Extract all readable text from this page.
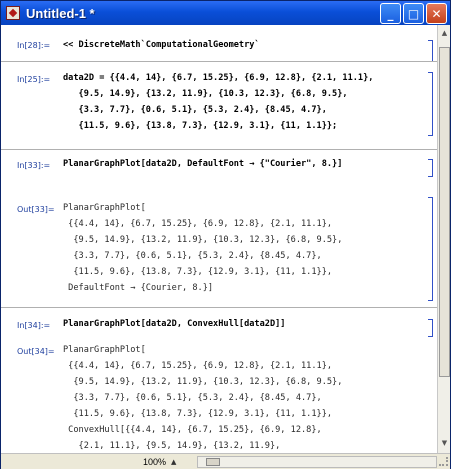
Untitled-1 *	_	□	✕
In[28]:= << DiscreteMath`ComputationalGeometry`
In[25]:= data2D = {{4.4, 14}, {6.7, 15.25}, {6.9, 12.8}, {2.1, 11.1},
{9.5, 14.9}, {13.2, 11.9}, {10.3, 12.3}, {6.8, 9.5},
{3.3, 7.7}, {0.6, 5.1}, {5.3, 2.4}, {8.45, 4.7},
{11.5, 9.6}, {13.8, 7.3}, {12.9, 3.1}, {11, 1.1}};
In[33]:= PlanarGraphPlot[data2D, DefaultFont → {"Courier", 8.}]
Out[33]= PlanarGraphPlot[
{{4.4, 14}, {6.7, 15.25}, {6.9, 12.8}, {2.1, 11.1},
{9.5, 14.9}, {13.2, 11.9}, {10.3, 12.3}, {6.8, 9.5},
{3.3, 7.7}, {0.6, 5.1}, {5.3, 2.4}, {8.45, 4.7},
{11.5, 9.6}, {13.8, 7.3}, {12.9, 3.1}, {11, 1.1}},
DefaultFont → {Courier, 8.}]
In[34]:= PlanarGraphPlot[data2D, ConvexHull[data2D]]
Out[34]= PlanarGraphPlot[
{{4.4, 14}, {6.7, 15.25}, {6.9, 12.8}, {2.1, 11.1},
{9.5, 14.9}, {13.2, 11.9}, {10.3, 12.3}, {6.8, 9.5},
{3.3, 7.7}, {0.6, 5.1}, {5.3, 2.4}, {8.45, 4.7},
{11.5, 9.6}, {13.8, 7.3}, {12.9, 3.1}, {11, 1.1}},
ConvexHull[{{4.4, 14}, {6.7, 15.25}, {6.9, 12.8},
{2.1, 11.1}, {9.5, 14.9}, {13.2, 11.9},
▲
▼
100% ▲
